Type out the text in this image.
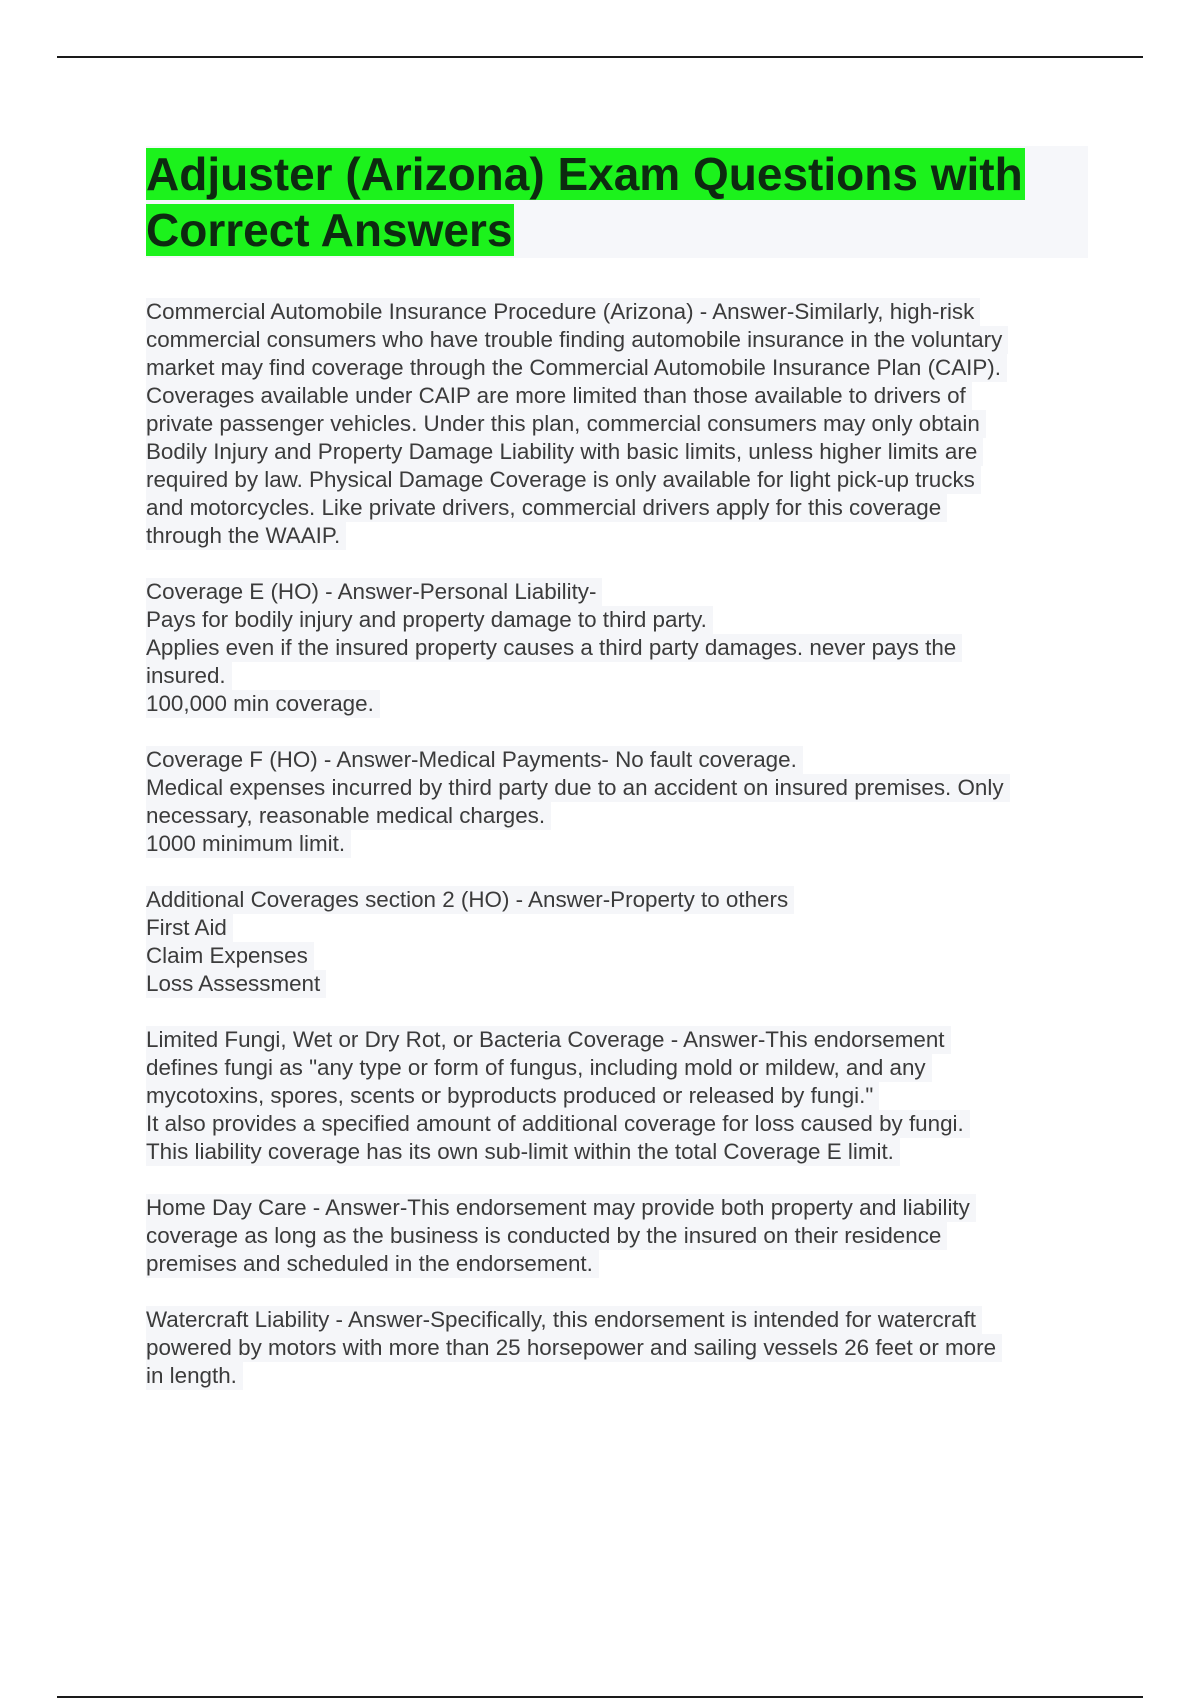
Adjuster (Arizona) Exam Questions with
Correct Answers
Commercial Automobile Insurance Procedure (Arizona) - Answer-Similarly, high-risk
commercial consumers who have trouble finding automobile insurance in the voluntary
market may find coverage through the Commercial Automobile Insurance Plan (CAIP).
Coverages available under CAIP are more limited than those available to drivers of
private passenger vehicles. Under this plan, commercial consumers may only obtain
Bodily Injury and Property Damage Liability with basic limits, unless higher limits are
required by law. Physical Damage Coverage is only available for light pick-up trucks
and motorcycles. Like private drivers, commercial drivers apply for this coverage
through the WAAIP.

Coverage E (HO) - Answer-Personal Liability-
Pays for bodily injury and property damage to third party.
Applies even if the insured property causes a third party damages. never pays the
insured.
100,000 min coverage.

Coverage F (HO) - Answer-Medical Payments- No fault coverage.
Medical expenses incurred by third party due to an accident on insured premises. Only
necessary, reasonable medical charges.
1000 minimum limit.

Additional Coverages section 2 (HO) - Answer-Property to others
First Aid
Claim Expenses
Loss Assessment

Limited Fungi, Wet or Dry Rot, or Bacteria Coverage - Answer-This endorsement
defines fungi as "any type or form of fungus, including mold or mildew, and any
mycotoxins, spores, scents or byproducts produced or released by fungi."
It also provides a specified amount of additional coverage for loss caused by fungi.
This liability coverage has its own sub-limit within the total Coverage E limit.

Home Day Care - Answer-This endorsement may provide both property and liability
coverage as long as the business is conducted by the insured on their residence
premises and scheduled in the endorsement.

Watercraft Liability - Answer-Specifically, this endorsement is intended for watercraft
powered by motors with more than 25 horsepower and sailing vessels 26 feet or more
in length.
